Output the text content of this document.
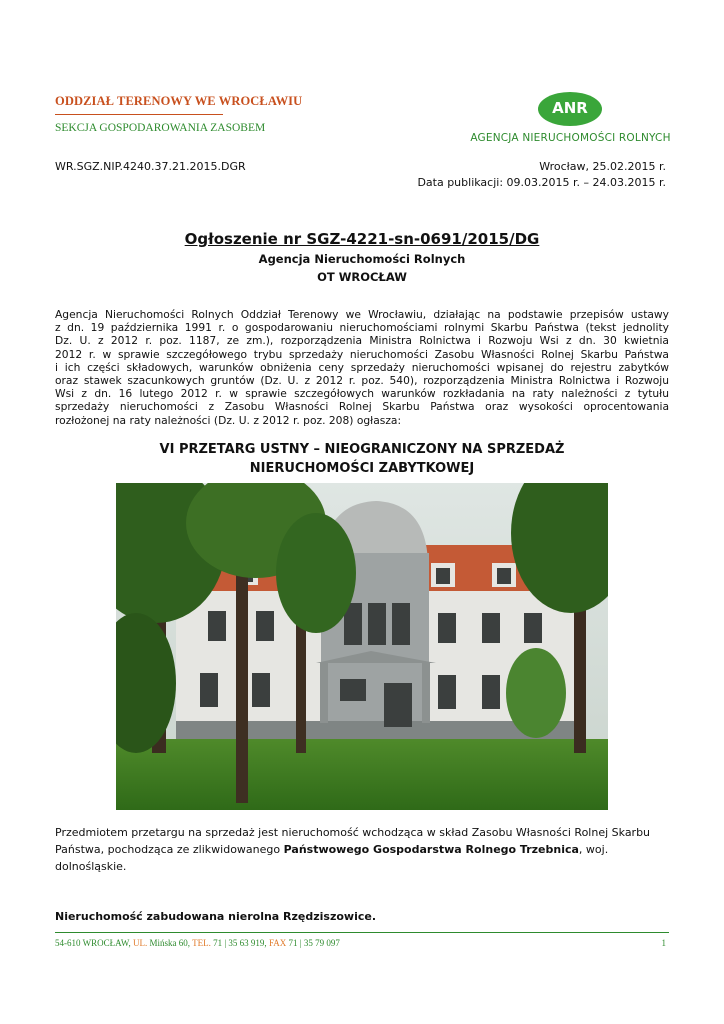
ODDZIAŁ TERENOWY WE WROCŁAWIU
SEKCJA GOSPODAROWANIA ZASOBEM
ANR
AGENCJA NIERUCHOMOŚCI ROLNYCH
WR.SGZ.NIP.4240.37.21.2015.DGR	Wrocław, 25.02.2015 r.
Data publikacji: 09.03.2015 r. – 24.03.2015 r.
Ogłoszenie nr SGZ-4221-sn-0691/2015/DG
Agencja Nieruchomości Rolnych
OT WROCŁAW
Agencja Nieruchomości Rolnych Oddział Terenowy we Wrocławiu, działając na podstawie przepisów ustawy
z dn. 19 października 1991 r. o gospodarowaniu nieruchomościami rolnymi Skarbu Państwa (tekst jednolity
Dz. U. z 2012 r. poz. 1187, ze zm.), rozporządzenia Ministra Rolnictwa i Rozwoju Wsi z dn. 30 kwietnia
2012 r. w sprawie szczegółowego trybu sprzedaży nieruchomości Zasobu Własności Rolnej Skarbu Państwa
i ich części składowych, warunków obniżenia ceny sprzedaży nieruchomości wpisanej do rejestru zabytków
oraz stawek szacunkowych gruntów (Dz. U. z 2012 r. poz. 540), rozporządzenia Ministra Rolnictwa i Rozwoju
Wsi z dn. 16 lutego 2012 r. w sprawie szczegółowych warunków rozkładania na raty należności z tytułu
sprzedaży nieruchomości z Zasobu Własności Rolnej Skarbu Państwa oraz wysokości oprocentowania
rozłożonej na raty należności (Dz. U. z 2012 r. poz. 208) ogłasza:
VI PRZETARG USTNY – NIEOGRANICZONY NA SPRZEDAŻ
NIERUCHOMOŚCI ZABYTKOWEJ
Przedmiotem przetargu na sprzedaż jest nieruchomość wchodząca w skład Zasobu Własności Rolnej Skarbu Państwa, pochodząca ze zlikwidowanego Państwowego Gospodarstwa Rolnego Trzebnica, woj. dolnośląskie.
Nieruchomość zabudowana nierolna Rzędziszowice.
54-610 WROCŁAW, UL. Mińska 60, TEL. 71 | 35 63 919, FAX 71 | 35 79 097	1
